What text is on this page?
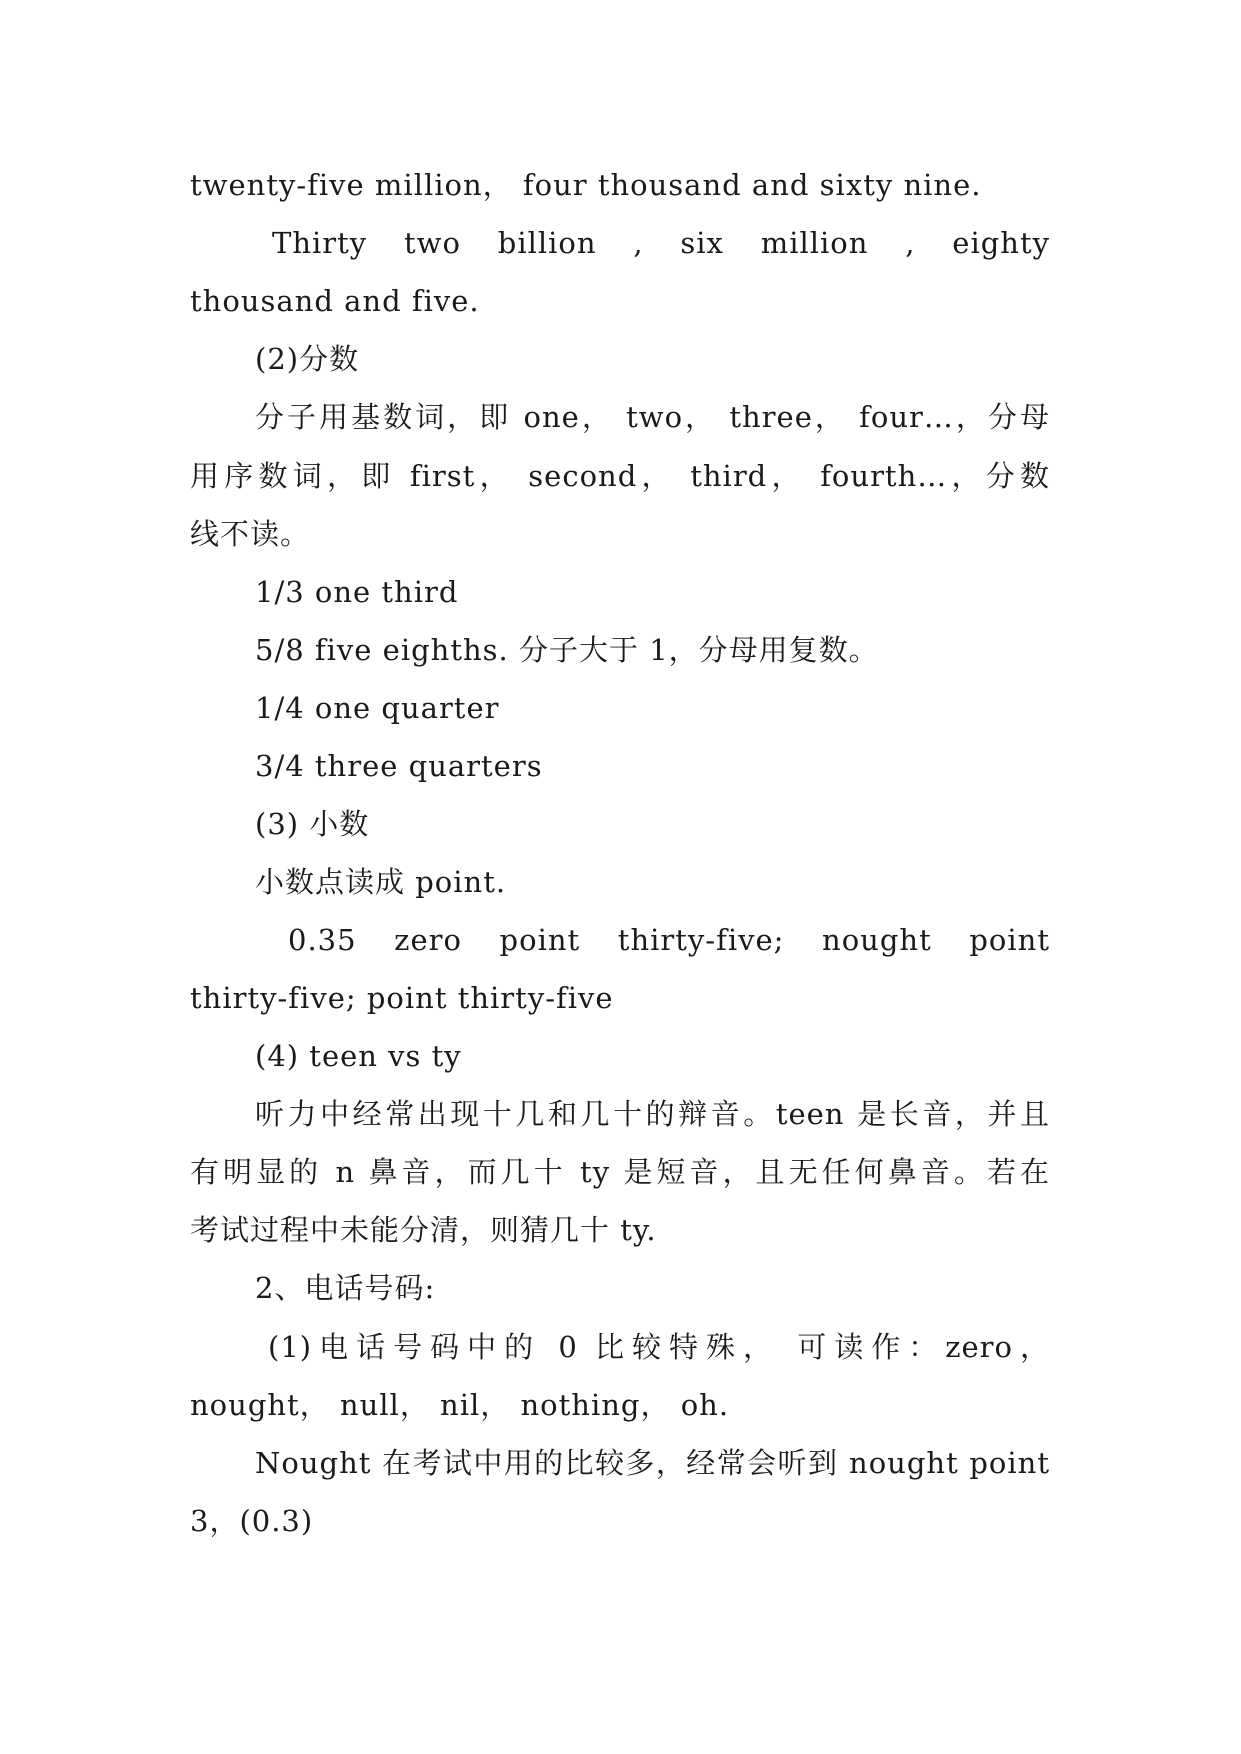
twenty-five million， four thousand and sixty nine.
Thirty two billion , six million , eighty
thousand and five.
(2)分数
分子用基数词，即 one， two， three， four…，分母
用序数词，即 first， second， third， fourth…，分数
线不读。
1/3 one third
5/8 five eighths. 分子大于 1，分母用复数。
1/4 one quarter
3/4 three quarters
(3) 小数
小数点读成 point.
0.35 zero point thirty-five; nought point
thirty-five; point thirty-five
(4) teen vs ty
听力中经常出现十几和几十的辩音。teen 是长音，并且
有明显的 n 鼻音，而几十 ty 是短音，且无任何鼻音。若在
考试过程中未能分清，则猜几十 ty.
2、电话号码:
(1)电话号码中的 0 比较特殊， 可读作：zero，
nought， null， nil， nothing， oh.
Nought 在考试中用的比较多，经常会听到 nought point
3，(0.3)
